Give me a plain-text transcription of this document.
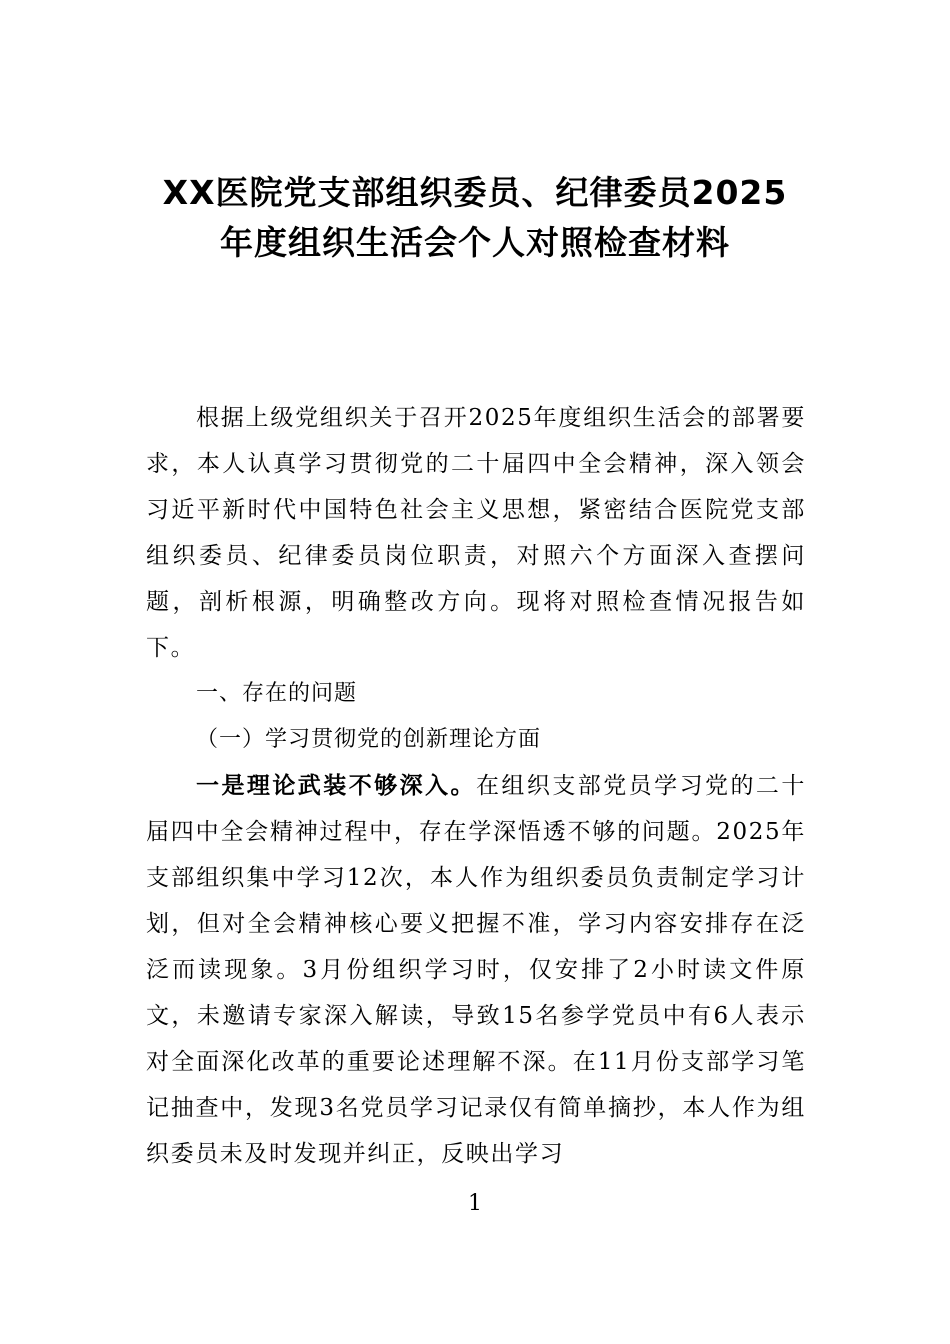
XX医院党支部组织委员、纪律委员2025
年度组织生活会个人对照检查材料

根据上级党组织关于召开2025年度组织生活会的部署要求，本人认真学习贯彻党的二十届四中全会精神，深入领会习近平新时代中国特色社会主义思想，紧密结合医院党支部组织委员、纪律委员岗位职责，对照六个方面深入查摆问题，剖析根源，明确整改方向。现将对照检查情况报告如下。

一、存在的问题

（一）学习贯彻党的创新理论方面

一是理论武装不够深入。在组织支部党员学习党的二十届四中全会精神过程中，存在学深悟透不够的问题。2025年支部组织集中学习12次，本人作为组织委员负责制定学习计划，但对全会精神核心要义把握不准，学习内容安排存在泛泛而读现象。3月份组织学习时，仅安排了2小时读文件原文，未邀请专家深入解读，导致15名参学党员中有6人表示对全面深化改革的重要论述理解不深。在11月份支部学习笔记抽查中，发现3名党员学习记录仅有简单摘抄，本人作为组织委员未及时发现并纠正，反映出学习

1
